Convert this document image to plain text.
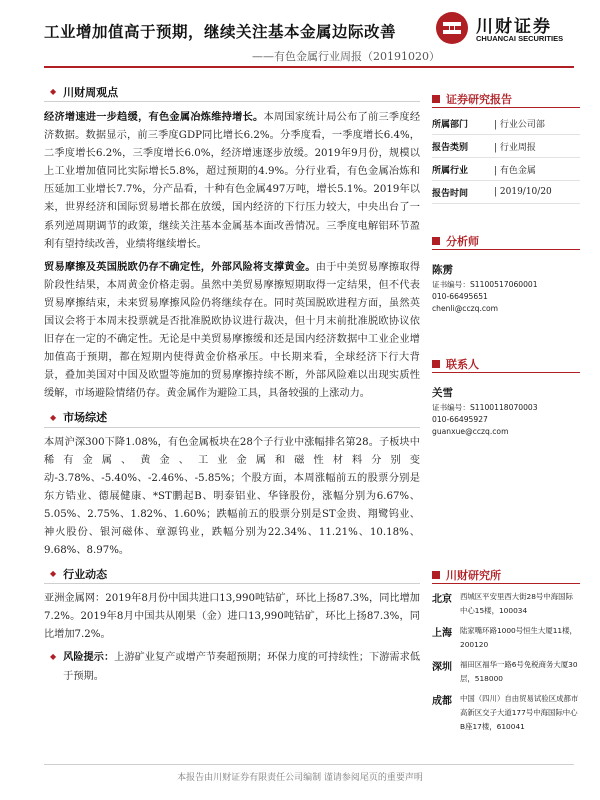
工业增加值高于预期，继续关注基本金属边际改善
——有色金属行业周报（20191020）
川财证券
CHUANCAI SECURITIES
◆ 川财周观点

经济增速进一步趋缓，有色金属冶炼维持增长。本周国家统计局公布了前三季度经济数据。数据显示，前三季度GDP同比增长6.2%。分季度看，一季度增长6.4%，二季度增长6.2%，三季度增长6.0%，经济增速逐步放缓。2019年9月份，规模以上工业增加值同比实际增长5.8%，超过预期的4.9%。分行业看，有色金属冶炼和压延加工业增长7.7%，分产品看，十种有色金属497万吨，增长5.1%。2019年以来，世界经济和国际贸易增长都在放缓，国内经济的下行压力较大，中央出台了一系列逆周期调节的政策，继续关注基本金属基本面改善情况。三季度电解铝环节盈利有望持续改善，业绩将继续增长。

贸易摩擦及英国脱欧仍存不确定性，外部风险将支撑黄金。由于中美贸易摩擦取得阶段性结果，本周黄金价格走弱。虽然中美贸易摩擦短期取得一定结果，但不代表贸易摩擦结束，未来贸易摩擦风险仍将继续存在。同时英国脱欧进程方面，虽然英国议会将于本周末投票就是否批准脱欧协议进行裁决，但十月末前批准脱欧协议依旧存在一定的不确定性。无论是中美贸易摩擦缓和还是国内经济数据中工业企业增加值高于预期，都在短期内使得黄金价格承压。中长期来看，全球经济下行大背景，叠加美国对中国及欧盟等施加的贸易摩擦持续不断，外部风险难以出现实质性缓解，市场避险情绪仍存。黄金属作为避险工具，具备较强的上涨动力。

◆ 市场综述

本周沪深300下降1.08%，有色金属板块在28个子行业中涨幅排名第28。子板块中稀有金属、黄金、工业金属和磁性材料分别变动-3.78%、-5.40%、-2.46%、-5.85%；个股方面，本周涨幅前五的股票分别是东方锆业、德展健康、*ST鹏起B、明泰铝业、华锋股份，涨幅分别为6.67%、5.05%、2.75%、1.82%、1.60%；跌幅前五的股票分别是ST金贵、翔鹭钨业、神火股份、银河磁体、章源钨业，跌幅分别为22.34%、11.21%、10.18%、9.68%、8.97%。

◆ 行业动态

亚洲金属网：2019年8月份中国共进口13,990吨钴矿，环比上扬87.3%，同比增加7.2%。2019年8月中国共从刚果（金）进口13,990吨钴矿，环比上扬87.3%，同比增加7.2%。

◆ 风险提示：上游矿业复产或增产节奏超预期；环保力度的可持续性；下游需求低于预期。

证券研究报告
所属部门	| 行业公司部
报告类别	| 行业周报
所属行业	| 有色金属
报告时间	| 2019/10/20
分析师
陈雳
证书编号：S1100517060001
010-66495651
chenli@cczq.com
联系人
关雪
证书编号：S1100118070003
010-66495927
guanxue@cczq.com
川财研究所
北京	西城区平安里西大街28号中海国际中心15楼，100034
上海	陆家嘴环路1000号恒生大厦11楼，200120
深圳	福田区福华一路6号免税商务大厦30层，518000
成都	中国（四川）自由贸易试验区成都市高新区交子大道177号中海国际中心B座17楼，610041
本报告由川财证券有限责任公司编制 谨请参阅尾页的重要声明
